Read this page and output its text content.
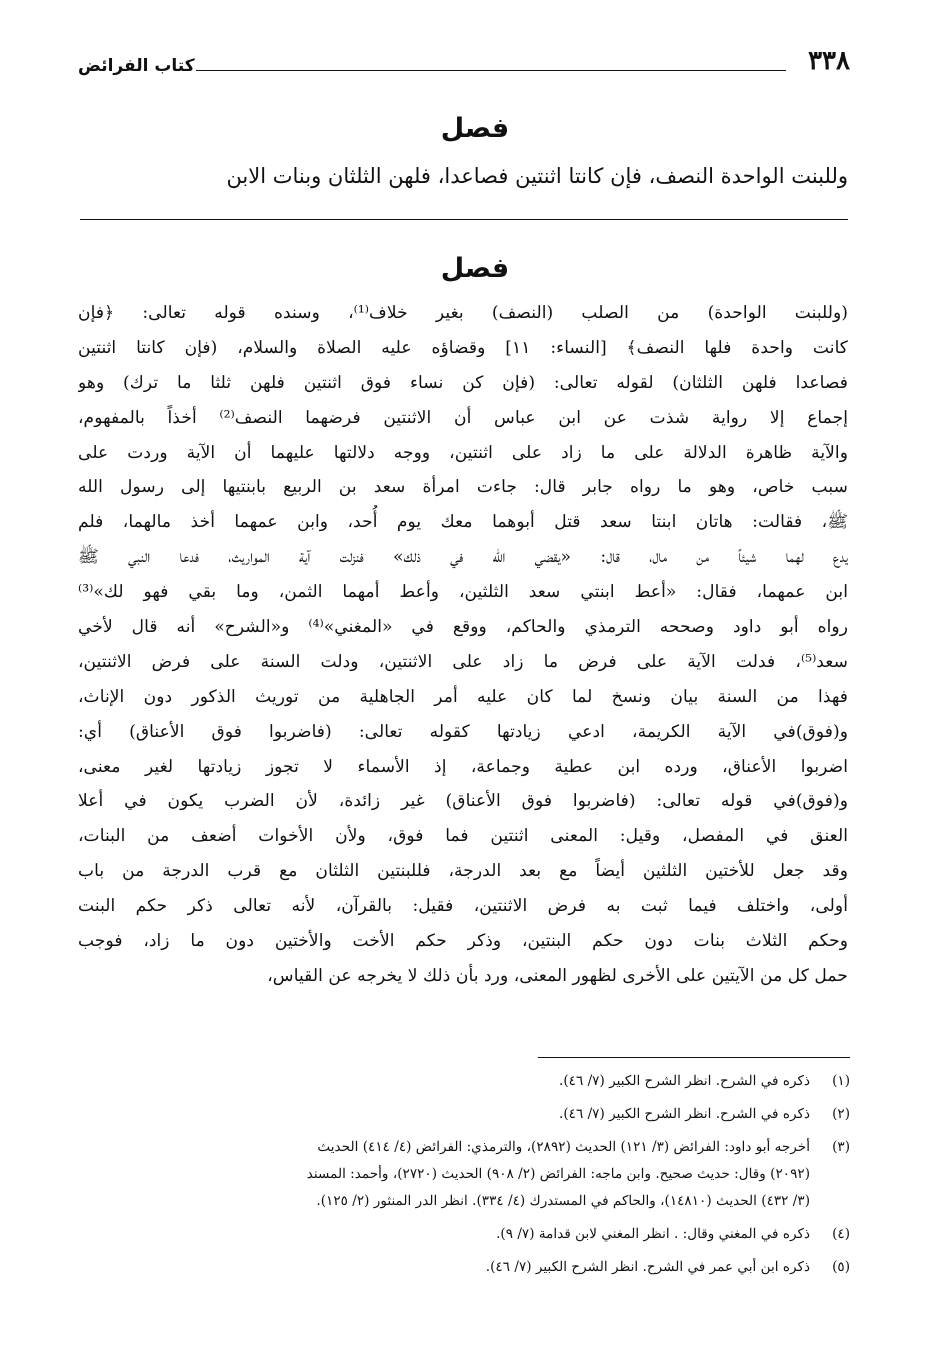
٣٣٨
كتاب الفرائض
فصل
وللبنت الواحدة النصف، فإن كانتا اثنتين فصاعدا، فلهن الثلثان وبنات الابن
فصل
(وللبنت الواحدة) من الصلب (النصف) بغير خلاف⁽¹⁾، وسنده قوله تعالى: ﴿فإن
كانت واحدة فلها النصف﴾ [النساء: ١١] وقضاؤه عليه الصلاة والسلام، (فإن كانتا اثنتين
فصاعدا فلهن الثلثان) لقوله تعالى: (فإن كن نساء فوق اثنتين فلهن ثلثا ما ترك) وهو
إجماع إلا رواية شذت عن ابن عباس أن الاثنتين فرضهما النصف⁽²⁾ أخذاً بالمفهوم،
والآية ظاهرة الدلالة على ما زاد على اثنتين، ووجه دلالتها عليهما أن الآية وردت على
سبب خاص، وهو ما رواه جابر قال: جاءت امرأة سعد بن الربيع بابنتيها إلى رسول الله
ﷺ، فقالت: هاتان ابنتا سعد قتل أبوهما معك يوم أُحد، وابن عمهما أخذ مالهما، فلم
يدع لهما شيئاً من مال، قال: «يقضي الله في ذلك» فنزلت آية المواريث، فدعا النبي ﷺ
ابن عمهما، فقال: «أعط ابنتي سعد الثلثين، وأعط أمهما الثمن، وما بقي فهو لك»⁽³⁾
رواه أبو داود وصححه الترمذي والحاكم، ووقع في «المغني»⁽⁴⁾ و«الشرح» أنه قال لأخي
سعد⁽⁵⁾، فدلت الآية على فرض ما زاد على الاثنتين، ودلت السنة على فرض الاثنتين،
فهذا من السنة بيان ونسخ لما كان عليه أمر الجاهلية من توريث الذكور دون الإناث،
و(فوق)في الآية الكريمة، ادعي زيادتها كقوله تعالى: (فاضربوا فوق الأعناق) أي:
اضربوا الأعناق، ورده ابن عطية وجماعة، إذ الأسماء لا تجوز زيادتها لغير معنى،
و(فوق)في قوله تعالى: (فاضربوا فوق الأعناق) غير زائدة، لأن الضرب يكون في أعلا
العنق في المفصل، وقيل: المعنى اثنتين فما فوق، ولأن الأخوات أضعف من البنات،
وقد جعل للأختين الثلثين أيضاً مع بعد الدرجة، فللبنتين الثلثان مع قرب الدرجة من باب
أولى، واختلف فيما ثبت به فرض الاثنتين، فقيل: بالقرآن، لأنه تعالى ذكر حكم البنت
وحكم الثلاث بنات دون حكم البنتين، وذكر حكم الأخت والأختين دون ما زاد، فوجب
حمل كل من الآيتين على الأخرى لظهور المعنى، ورد بأن ذلك لا يخرجه عن القياس،
(١)
ذكره في الشرح. انظر الشرح الكبير (٧/ ٤٦).
(٢)
ذكره في الشرح. انظر الشرح الكبير (٧/ ٤٦).
(٣)
أخرجه أبو داود: الفرائض (٣/ ١٢١) الحديث (٢٨٩٢)، والترمذي: الفرائض (٤/ ٤١٤) الحديث
(٢٠٩٢) وقال: حديث صحيح. وابن ماجه: الفرائض (٢/ ٩٠٨) الحديث (٢٧٢٠)، وأحمد: المسند
(٣/ ٤٣٢) الحديث (١٤٨١٠)، والحاكم في المستدرك (٤/ ٣٣٤). انظر الدر المنثور (٢/ ١٢٥).
(٤)
ذكره في المغني وقال: . انظر المغني لابن قدامة (٧/ ٩).
(٥)
ذكره ابن أبي عمر في الشرح. انظر الشرح الكبير (٧/ ٤٦).
